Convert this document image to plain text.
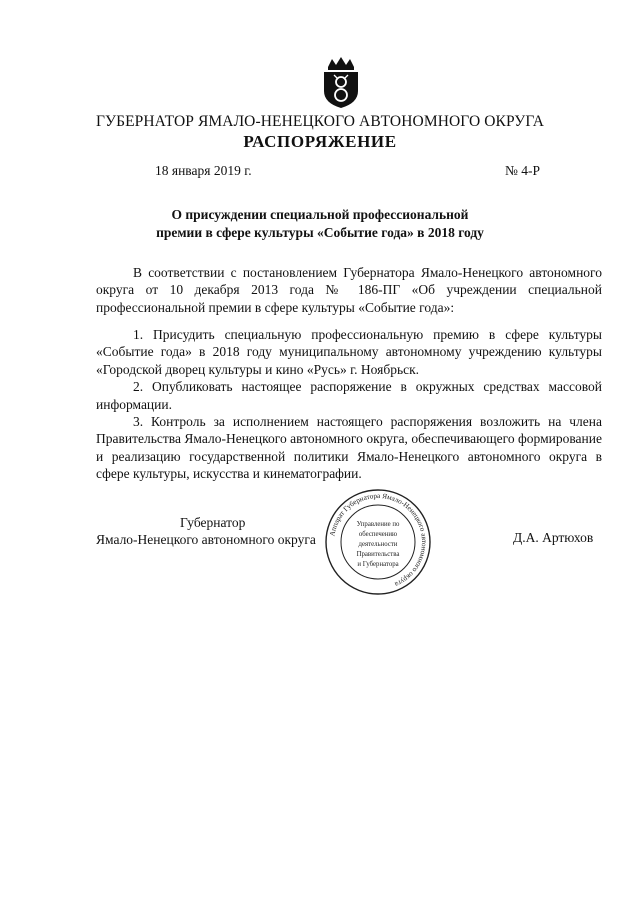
ГУБЕРНАТОР ЯМАЛО-НЕНЕЦКОГО АВТОНОМНОГО ОКРУГА
РАСПОРЯЖЕНИЕ
18 января 2019 г.	№ 4-Р
О присуждении специальной профессиональной
премии в сфере культуры «Событие года» в 2018 году

В соответствии с постановлением Губернатора Ямало-Ненецкого автономного округа от 10 декабря 2013 года № 186-ПГ «Об учреждении специальной профессиональной премии в сфере культуры «Событие года»:

1. Присудить специальную профессиональную премию в сфере культуры «Событие года» в 2018 году муниципальному автономному учреждению культуры «Городской дворец культуры и кино «Русь» г. Ноябрьск.

2. Опубликовать настоящее распоряжение в окружных средствах массовой информации.

3. Контроль за исполнением настоящего распоряжения возложить на члена Правительства Ямало-Ненецкого автономного округа, обеспечивающего формирование и реализацию государственной политики Ямало-Ненецкого автономного округа в сфере культуры, искусства и кинематографии.

Губернатор
Ямало-Ненецкого автономного округа	Д.А. Артюхов
Аппарат Губернатора Ямало-Ненецкого автономного округа
Управление по
обеспечению
деятельности
Правительства
и Губернатора
